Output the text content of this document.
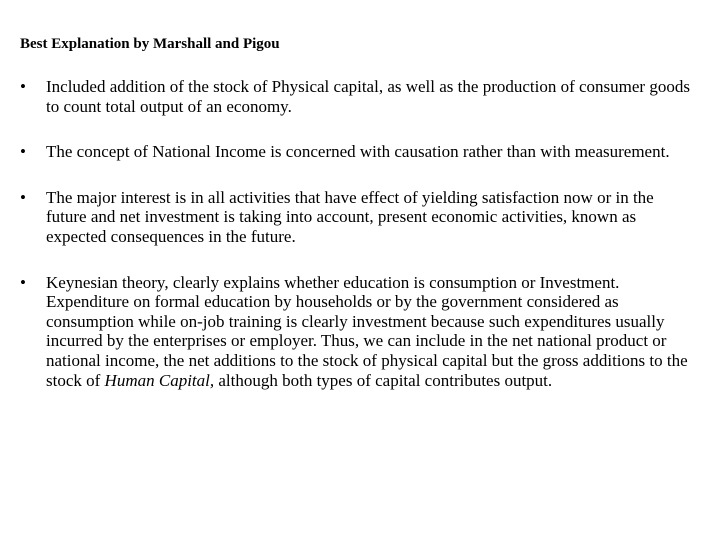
Best Explanation by Marshall and Pigou

• Included addition of the stock of Physical capital, as well as the production of consumer goods to count total output of an economy.
• The concept of National Income is concerned with causation rather than with measurement.
• The major interest is in all activities that have effect of yielding satisfaction now or in the future and net investment is taking into account, present economic activities, known as expected consequences in the future.
• Keynesian theory, clearly explains whether education is consumption or Investment. Expenditure on formal education by households or by the government considered as consumption while on-job training is clearly investment because such expenditures usually incurred by the enterprises or employer. Thus, we can include in the net national product or national income, the net additions to the stock of physical capital but the gross additions to the stock of Human Capital, although both types of capital contributes output.
